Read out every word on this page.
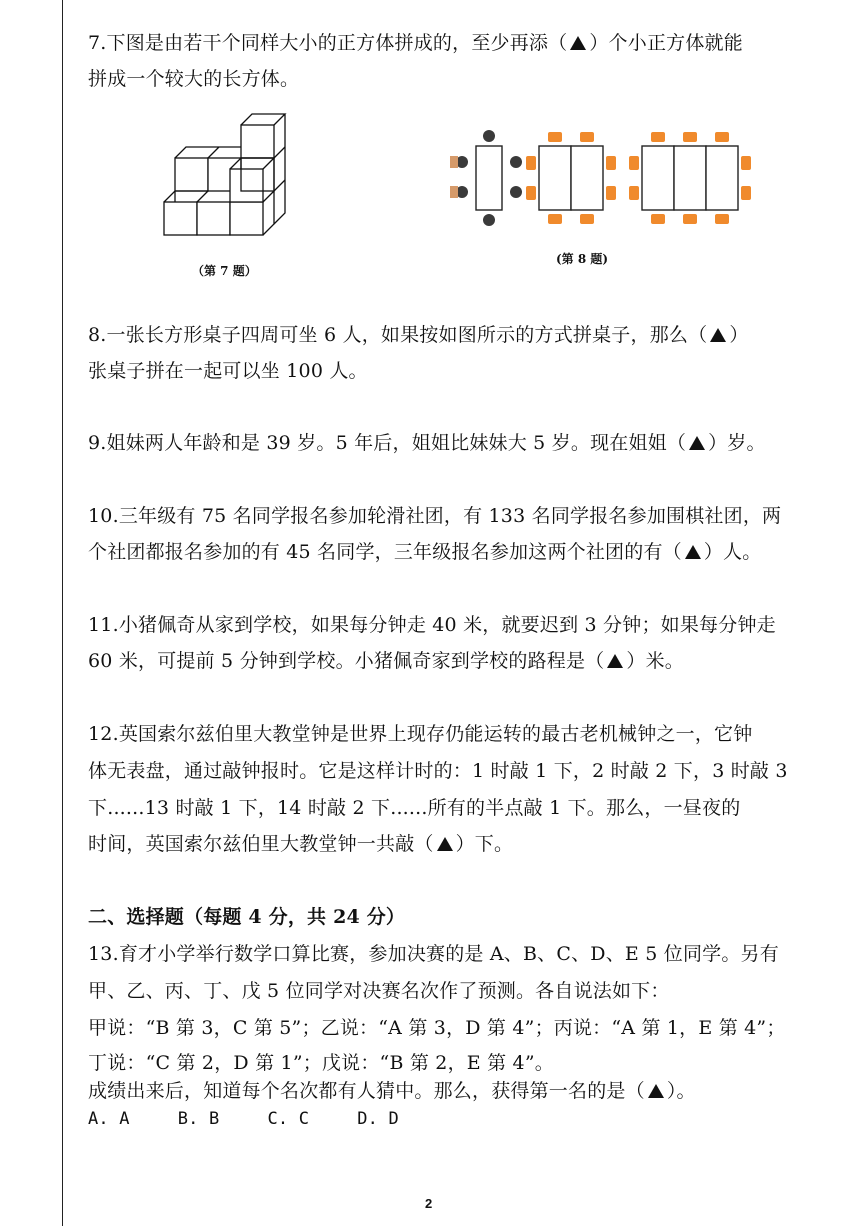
7.下图是由若干个同样大小的正方体拼成的，至少再添（ ）个小正方体就能
拼成一个较大的长方体。
（第 7 题）
(第 8 题)
8.一张长方形桌子四周可坐 6 人，如果按如图所示的方式拼桌子，那么（ ）
张桌子拼在一起可以坐 100 人。
9.姐妹两人年龄和是 39 岁。5 年后，姐姐比妹妹大 5 岁。现在姐姐（ ）岁。
10.三年级有 75 名同学报名参加轮滑社团，有 133 名同学报名参加围棋社团，两
个社团都报名参加的有 45 名同学，三年级报名参加这两个社团的有（ ）人。
11.小猪佩奇从家到学校，如果每分钟走 40 米，就要迟到 3 分钟；如果每分钟走
60 米，可提前 5 分钟到学校。小猪佩奇家到学校的路程是（ ）米。
12.英国索尔兹伯里大教堂钟是世界上现存仍能运转的最古老机械钟之一，它钟
体无表盘，通过敲钟报时。它是这样计时的：1 时敲 1 下，2 时敲 2 下，3 时敲 3
下......13 时敲 1 下，14 时敲 2 下......所有的半点敲 1 下。那么，一昼夜的
时间，英国索尔兹伯里大教堂钟一共敲（ ）下。
二、选择题（每题 4 分，共 24 分）
13.育才小学举行数学口算比赛，参加决赛的是 A、B、C、D、E 5 位同学。另有
甲、乙、丙、丁、戊 5 位同学对决赛名次作了预测。各自说法如下：
甲说：“B 第 3，C 第 5”；乙说：“A 第 3，D 第 4”；丙说：“A 第 1，E 第 4”；
丁说：“C 第 2，D 第 1”；戊说：“B 第 2，E 第 4”。
成绩出来后，知道每个名次都有人猜中。那么，获得第一名的是（ ）。
A. A	B. B	C. C	D. D
2
